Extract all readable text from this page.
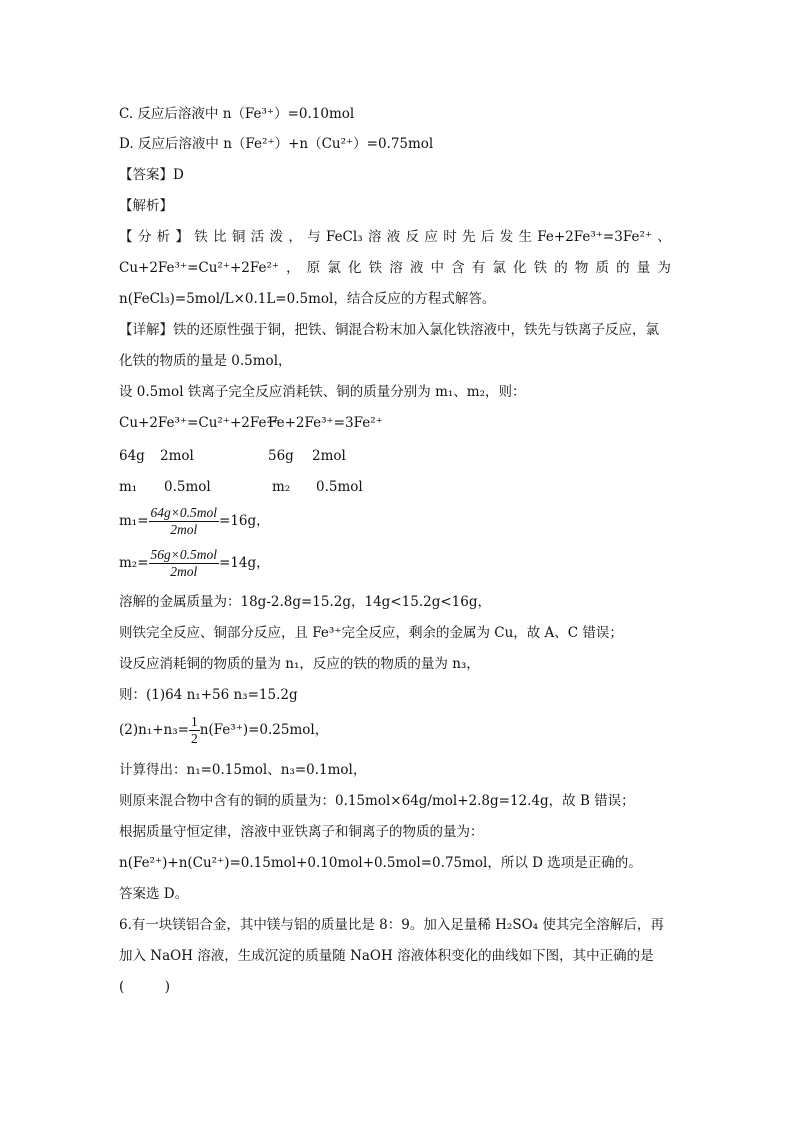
C. 反应后溶液中 n（Fe³⁺）=0.10mol
D. 反应后溶液中 n（Fe²⁺）+n（Cu²⁺）=0.75mol
【答案】D
【解析】
【 分 析 】 铁 比 铜 活 泼 ， 与 FeCl₃ 溶 液 反 应 时 先 后 发 生 Fe+2Fe³⁺=3Fe²⁺ 、
Cu+2Fe³⁺=Cu²⁺+2Fe²⁺ ， 原 氯 化 铁 溶 液 中 含 有 氯 化 铁 的 物 质 的 量 为
n(FeCl₃)=5mol/L×0.1L=0.5mol，结合反应的方程式解答。
【详解】铁的还原性强于铜，把铁、铜混合粉末加入氯化铁溶液中，铁先与铁离子反应，氯
化铁的物质的量是 0.5mol，
设 0.5mol 铁离子完全反应消耗铁、铜的质量分别为 m₁、m₂，则：
Cu+2Fe³⁺=Cu²⁺+2Fe²⁺
Fe+2Fe³⁺=3Fe²⁺
64g 2mol	56g 2mol
m₁ 0.5mol	m₂ 0.5mol
$m_1= \frac{\text{64g×0.5mol}}{\text{2mol}} =16g$，
$m_2= \frac{\text{56g×0.5mol}}{\text{2mol}} =14g$，
溶解的金属质量为：18g-2.8g=15.2g，14g<15.2g<16g，
则铁完全反应、铜部分反应，且 Fe³⁺完全反应，剩余的金属为 Cu，故 A、C 错误；
设反应消耗铜的物质的量为 n₁，反应的铁的物质的量为 n₃，
则：(1)64 n₁+56 n₃=15.2g
$(2)n_1+n_3= \frac{1}{2} n(Fe^{3+})=0.25mol$，
计算得出：n₁=0.15mol、n₃=0.1mol，
则原来混合物中含有的铜的质量为：0.15mol×64g/mol+2.8g=12.4g，故 B 错误；
根据质量守恒定律，溶液中亚铁离子和铜离子的物质的量为：
n(Fe²⁺)+n(Cu²⁺)=0.15mol+0.10mol+0.5mol=0.75mol，所以 D 选项是正确的。
答案选 D。
6.有一块镁铝合金，其中镁与铝的质量比是 8：9。加入足量稀 H₂SO₄ 使其完全溶解后，再
加入 NaOH 溶液，生成沉淀的质量随 NaOH 溶液体积变化的曲线如下图，其中正确的是
(　　　)
